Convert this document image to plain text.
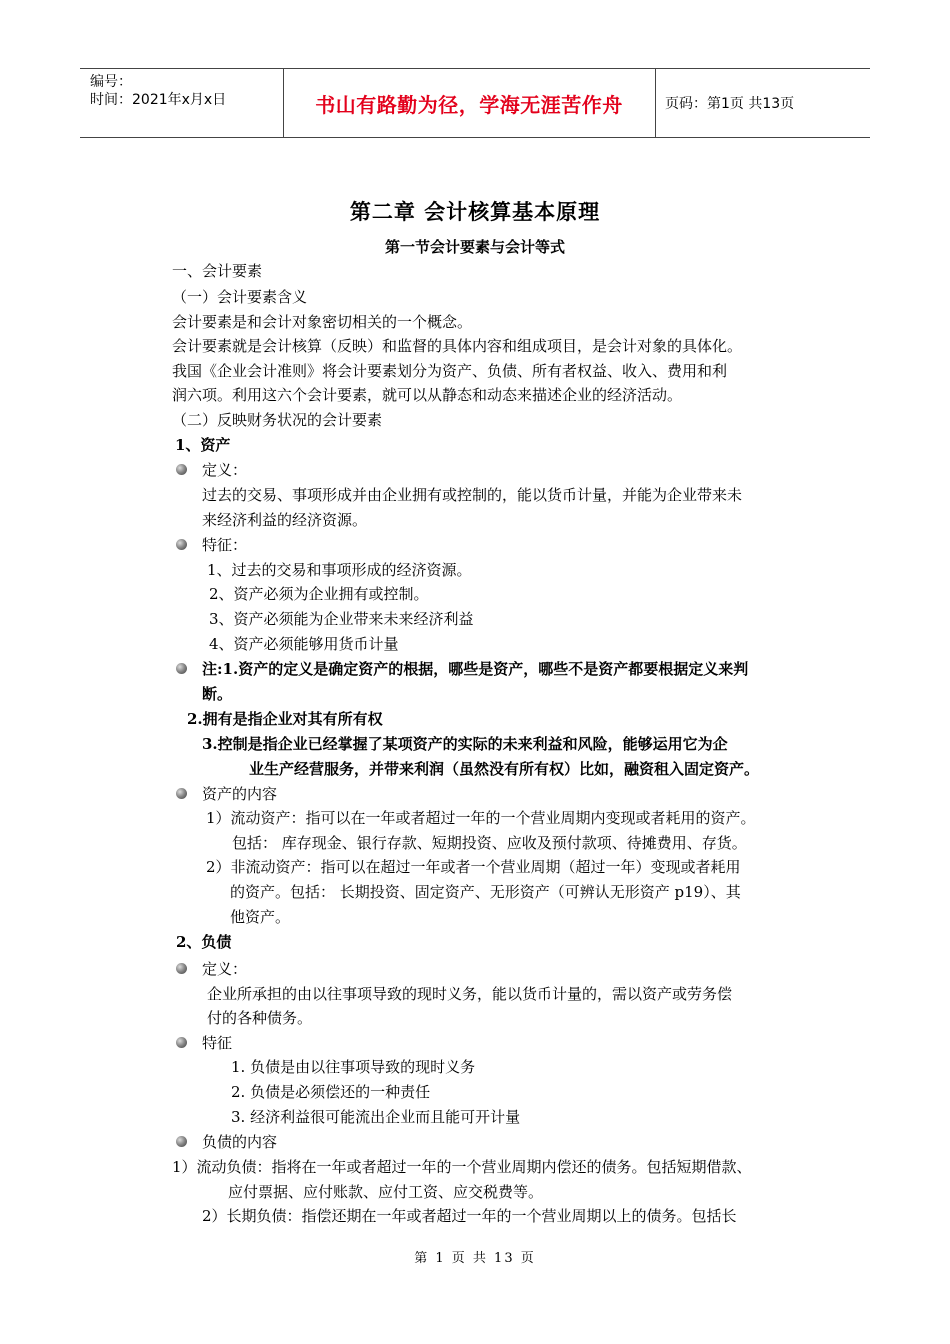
编号：
时间：2021年x月x日	书山有路勤为径，学海无涯苦作舟	页码：第1页 共13页
第二章 会计核算基本原理
第一节会计要素与会计等式
一、会计要素
（一）会计要素含义
会计要素是和会计对象密切相关的一个概念。
会计要素就是会计核算（反映）和监督的具体内容和组成项目，是会计对象的具体化。
我国《企业会计准则》将会计要素划分为资产、负债、所有者权益、收入、费用和利
润六项。利用这六个会计要素，就可以从静态和动态来描述企业的经济活动。
（二）反映财务状况的会计要素
1、资产
定义：
过去的交易、事项形成并由企业拥有或控制的，能以货币计量，并能为企业带来未
来经济利益的经济资源。
特征：
1、过去的交易和事项形成的经济资源。
2、资产必须为企业拥有或控制。
3、资产必须能为企业带来未来经济利益
4、资产必须能够用货币计量
注:1.资产的定义是确定资产的根据，哪些是资产，哪些不是资产都要根据定义来判
断。
2.拥有是指企业对其有所有权
3.控制是指企业已经掌握了某项资产的实际的未来利益和风险，能够运用它为企
业生产经营服务，并带来利润（虽然没有所有权）比如，融资租入固定资产。
资产的内容
1）流动资产：指可以在一年或者超过一年的一个营业周期内变现或者耗用的资产。
包括： 库存现金、银行存款、短期投资、应收及预付款项、待摊费用、存货。
2）非流动资产：指可以在超过一年或者一个营业周期（超过一年）变现或者耗用
的资产。包括： 长期投资、固定资产、无形资产（可辨认无形资产 p19）、其
他资产。
2、负债
定义：
企业所承担的由以往事项导致的现时义务，能以货币计量的，需以资产或劳务偿
付的各种债务。
特征
1. 负债是由以往事项导致的现时义务
2. 负债是必须偿还的一种责任
3. 经济利益很可能流出企业而且能可开计量
负债的内容
1）流动负债：指将在一年或者超过一年的一个营业周期内偿还的债务。包括短期借款、
应付票据、应付账款、应付工资、应交税费等。
2）长期负债：指偿还期在一年或者超过一年的一个营业周期以上的债务。包括长
第 1 页 共 13 页
